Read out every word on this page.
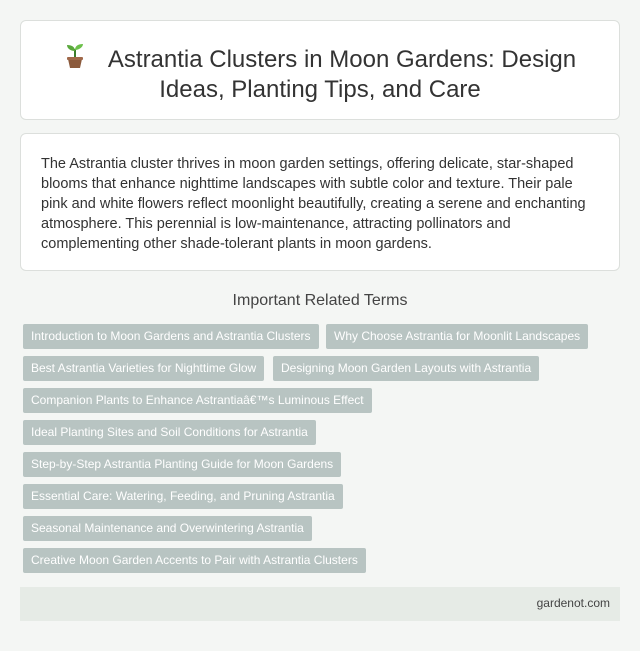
Astrantia Clusters in Moon Gardens: Design Ideas, Planting Tips, and Care

The Astrantia cluster thrives in moon garden settings, offering delicate, star-shaped blooms that enhance nighttime landscapes with subtle color and texture. Their pale pink and white flowers reflect moonlight beautifully, creating a serene and enchanting atmosphere. This perennial is low-maintenance, attracting pollinators and complementing other shade-tolerant plants in moon gardens.

Important Related Terms
Introduction to Moon Gardens and Astrantia Clusters	Why Choose Astrantia for Moonlit Landscapes
Best Astrantia Varieties for Nighttime Glow	Designing Moon Garden Layouts with Astrantia
Companion Plants to Enhance Astrantiaâ€™s Luminous Effect
Ideal Planting Sites and Soil Conditions for Astrantia
Step-by-Step Astrantia Planting Guide for Moon Gardens
Essential Care: Watering, Feeding, and Pruning Astrantia
Seasonal Maintenance and Overwintering Astrantia
Creative Moon Garden Accents to Pair with Astrantia Clusters
gardenot.com
